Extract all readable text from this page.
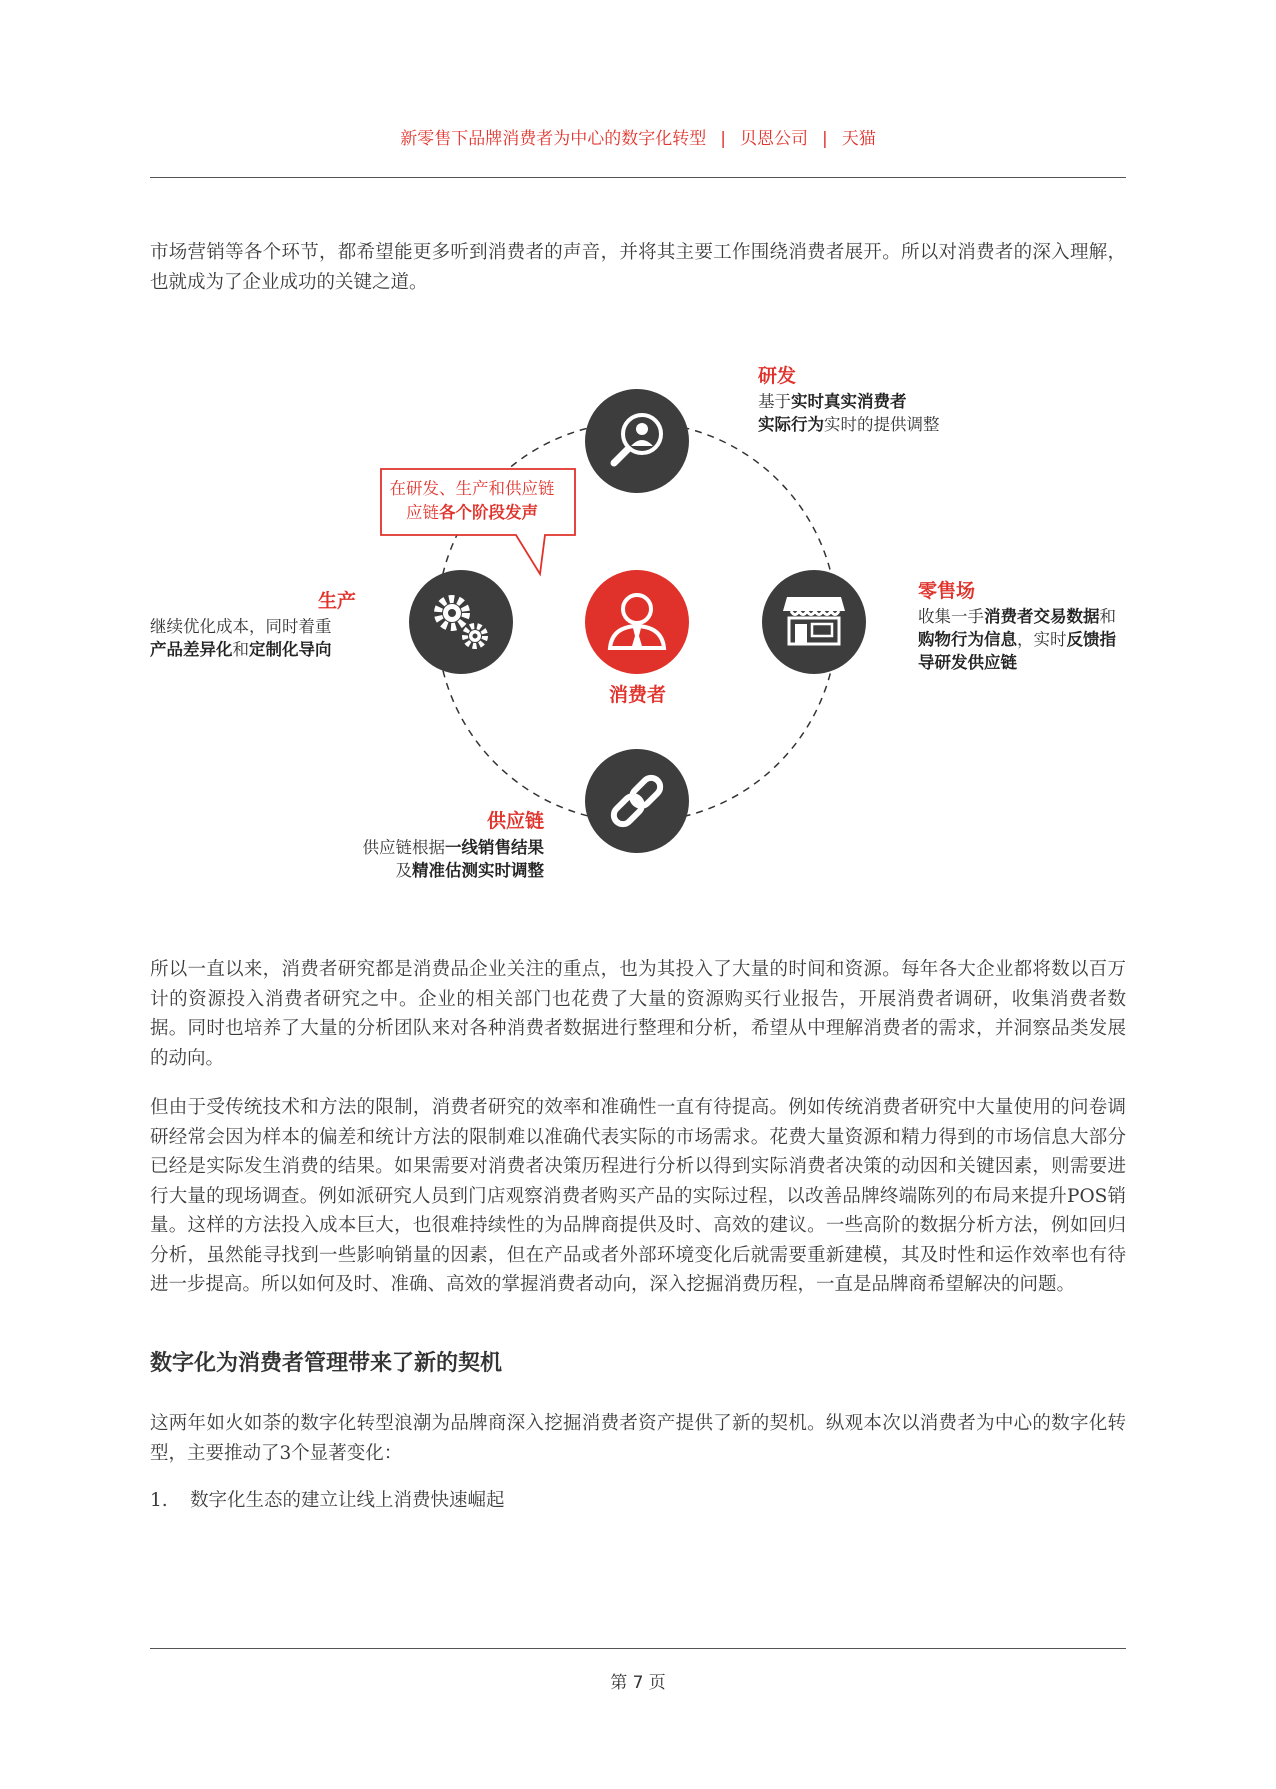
新零售下品牌消费者为中心的数字化转型 | 贝恩公司 | 天猫

市场营销等各个环节，都希望能更多听到消费者的声音，并将其主要工作围绕消费者展开。所以对消费者的深入理解，也就成为了企业成功的关键之道。

在研发、生产和供应链
应链各个阶段发声
消费者
研发
基于实时真实消费者
实际行为实时的提供调整
生产
继续优化成本，同时着重
产品差异化和定制化导向
零售场
收集一手消费者交易数据和
购物行为信息，实时反馈指
导研发供应链
供应链
供应链根据一线销售结果
及精准估测实时调整

所以一直以来，消费者研究都是消费品企业关注的重点，也为其投入了大量的时间和资源。每年各大企业都将数以百万计的资源投入消费者研究之中。企业的相关部门也花费了大量的资源购买行业报告，开展消费者调研，收集消费者数据。同时也培养了大量的分析团队来对各种消费者数据进行整理和分析，希望从中理解消费者的需求，并洞察品类发展的动向。

但由于受传统技术和方法的限制，消费者研究的效率和准确性一直有待提高。例如传统消费者研究中大量使用的问卷调研经常会因为样本的偏差和统计方法的限制难以准确代表实际的市场需求。花费大量资源和精力得到的市场信息大部分已经是实际发生消费的结果。如果需要对消费者决策历程进行分析以得到实际消费者决策的动因和关键因素，则需要进行大量的现场调查。例如派研究人员到门店观察消费者购买产品的实际过程，以改善品牌终端陈列的布局来提升POS销量。这样的方法投入成本巨大，也很难持续性的为品牌商提供及时、高效的建议。一些高阶的数据分析方法，例如回归分析，虽然能寻找到一些影响销量的因素，但在产品或者外部环境变化后就需要重新建模，其及时性和运作效率也有待进一步提高。所以如何及时、准确、高效的掌握消费者动向，深入挖掘消费历程，一直是品牌商希望解决的问题。

数字化为消费者管理带来了新的契机

这两年如火如荼的数字化转型浪潮为品牌商深入挖掘消费者资产提供了新的契机。纵观本次以消费者为中心的数字化转型，主要推动了3个显著变化：

1. 数字化生态的建立让线上消费快速崛起
第 7 页
